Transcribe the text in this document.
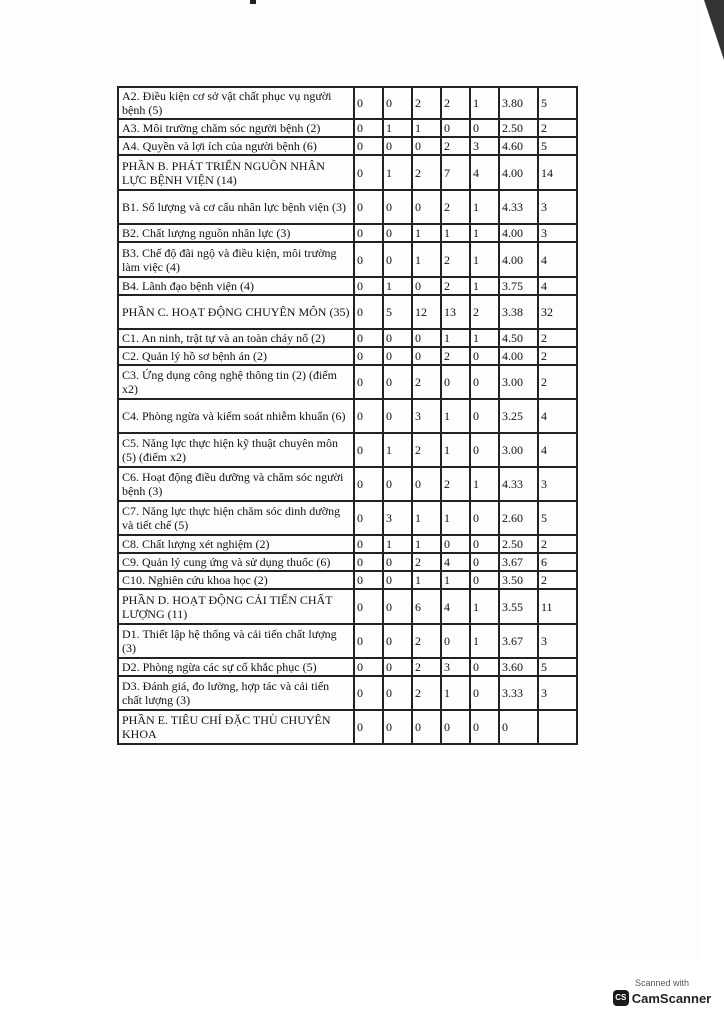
A2. Điều kiện cơ sở vật chất phục vụ người bệnh (5)	0	0	2	2	1	3.80	5
A3. Môi trường chăm sóc người bệnh (2)	0	1	1	0	0	2.50	2
A4. Quyền và lợi ích của người bệnh (6)	0	0	0	2	3	4.60	5
PHẦN B. PHÁT TRIỂN NGUỒN NHÂN LỰC BỆNH VIỆN (14)	0	1	2	7	4	4.00	14
B1. Số lượng và cơ cấu nhân lực bệnh viện (3)	0	0	0	2	1	4.33	3
B2. Chất lượng nguồn nhân lực (3)	0	0	1	1	1	4.00	3
B3. Chế độ đãi ngộ và điều kiện, môi trường làm việc (4)	0	0	1	2	1	4.00	4
B4. Lãnh đạo bệnh viện (4)	0	1	0	2	1	3.75	4
PHẦN C. HOẠT ĐỘNG CHUYÊN MÔN (35)	0	5	12	13	2	3.38	32
C1. An ninh, trật tự và an toàn cháy nổ (2)	0	0	0	1	1	4.50	2
C2. Quản lý hồ sơ bệnh án (2)	0	0	0	2	0	4.00	2
C3. Ứng dụng công nghệ thông tin (2) (điểm x2)	0	0	2	0	0	3.00	2
C4. Phòng ngừa và kiểm soát nhiễm khuẩn (6)	0	0	3	1	0	3.25	4
C5. Năng lực thực hiện kỹ thuật chuyên môn (5) (điểm x2)	0	1	2	1	0	3.00	4
C6. Hoạt động điều dưỡng và chăm sóc người bệnh (3)	0	0	0	2	1	4.33	3
C7. Năng lực thực hiện chăm sóc dinh dưỡng và tiết chế (5)	0	3	1	1	0	2.60	5
C8. Chất lượng xét nghiệm (2)	0	1	1	0	0	2.50	2
C9. Quản lý cung ứng và sử dụng thuốc (6)	0	0	2	4	0	3.67	6
C10. Nghiên cứu khoa học (2)	0	0	1	1	0	3.50	2
PHẦN D. HOẠT ĐỘNG CẢI TIẾN CHẤT LƯỢNG (11)	0	0	6	4	1	3.55	11
D1. Thiết lập hệ thống và cải tiến chất lượng (3)	0	0	2	0	1	3.67	3
D2. Phòng ngừa các sự cố khắc phục (5)	0	0	2	3	0	3.60	5
D3. Đánh giá, đo lường, hợp tác và cải tiến chất lượng (3)	0	0	2	1	0	3.33	3
PHẦN E. TIÊU CHÍ ĐẶC THÙ CHUYÊN KHOA	0	0	0	0	0	0	
Scanned with
CS CamScanner
